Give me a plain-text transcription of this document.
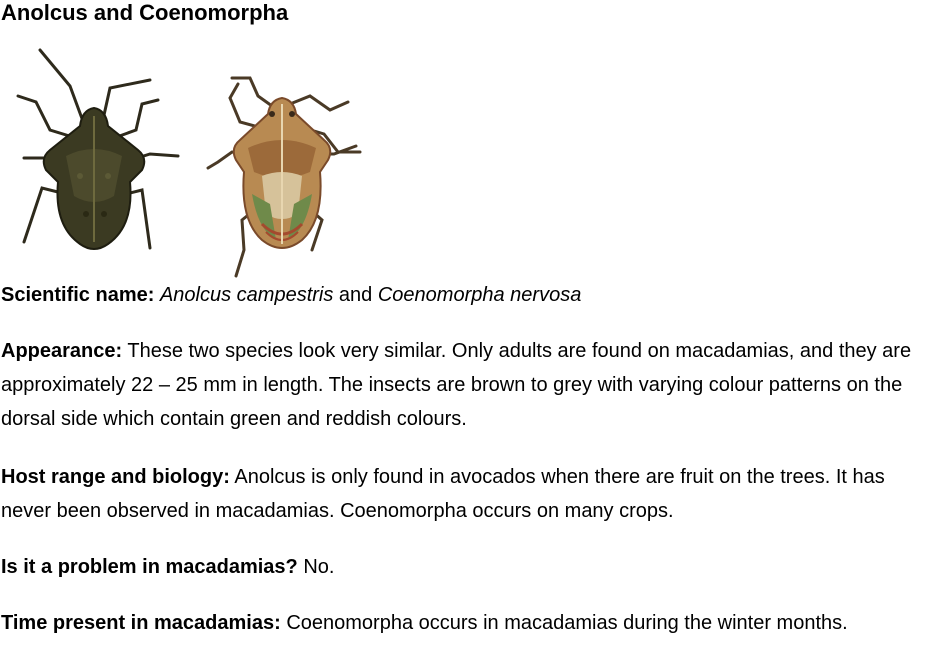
Anolcus and Coenomorpha

Scientific name: Anolcus campestris and Coenomorpha nervosa

Appearance: These two species look very similar. Only adults are found on macadamias, and they are approximately 22 – 25 mm in length. The insects are brown to grey with varying colour patterns on the dorsal side which contain green and reddish colours.

Host range and biology: Anolcus is only found in avocados when there are fruit on the trees. It has never been observed in macadamias. Coenomorpha occurs on many crops.

Is it a problem in macadamias? No.

Time present in macadamias: Coenomorpha occurs in macadamias during the winter months.
